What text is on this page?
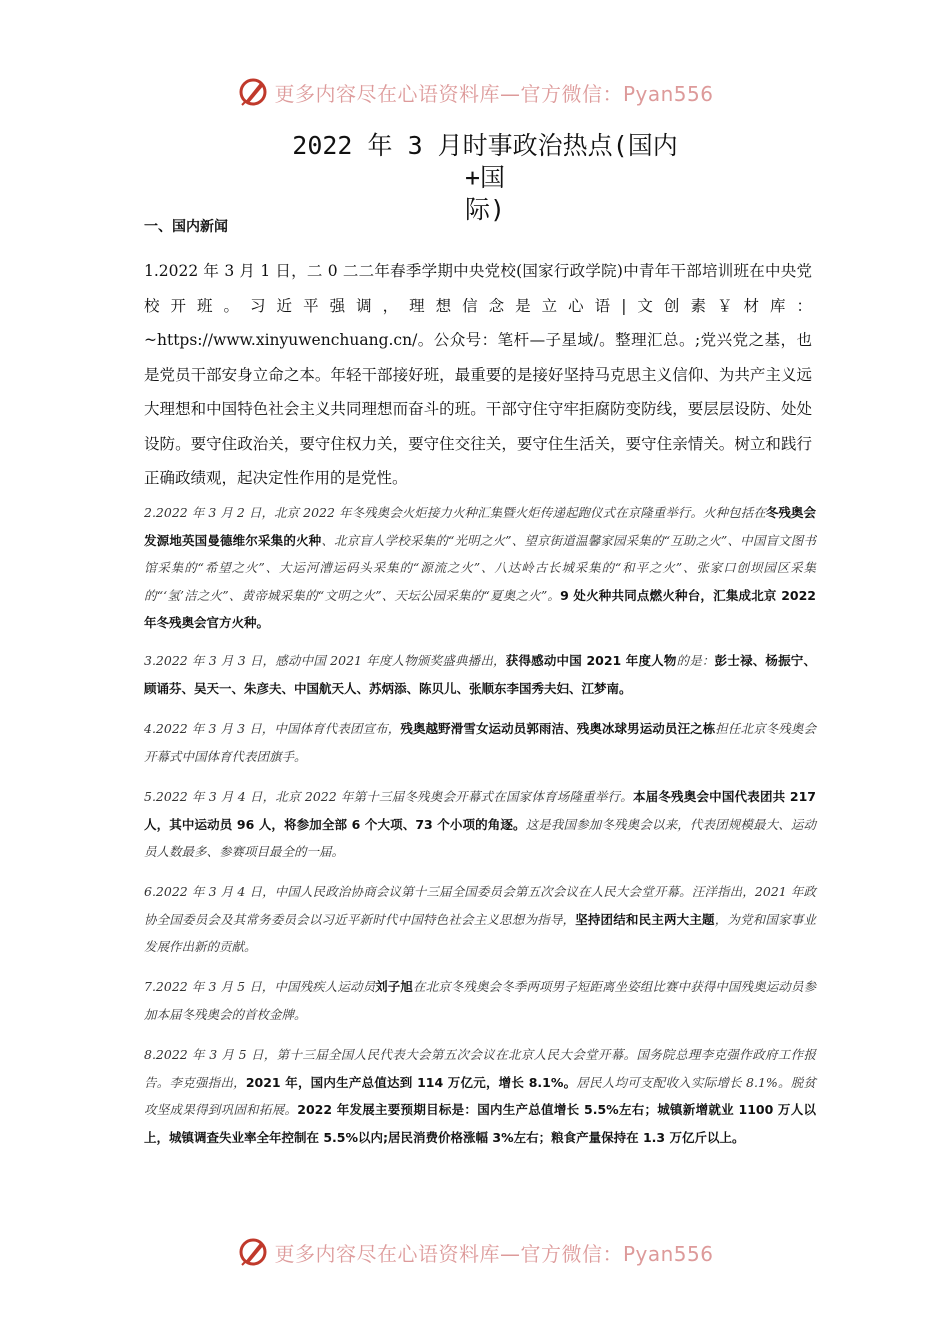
更多内容尽在心语资料库—官方微信：Pyan556
2022 年 3 月时事政治热点(国内+国
际)
一、国内新闻
1.2022 年 3 月 1 日，二 0 二二年春季学期中央党校(国家行政学院)中青年干部培训班在中央党校开班。习近平强调，理想信念是立心语|文创素￥材库：~https://www.xinyuwenchuang.cn/。公众号：笔杆—子星域/。整理汇总。;党兴党之基，也是党员干部安身立命之本。年轻干部接好班，最重要的是接好坚持马克思主义信仰、为共产主义远大理想和中国特色社会主义共同理想而奋斗的班。干部守住守牢拒腐防变防线，要层层设防、处处设防。要守住政治关，要守住权力关，要守住交往关，要守住生活关，要守住亲情关。树立和践行正确政绩观，起决定性作用的是党性。
2.2022 年 3 月 2 日，北京 2022 年冬残奥会火炬接力火种汇集暨火炬传递起跑仪式在京隆重举行。火种包括在冬残奥会发源地英国曼德维尔采集的火种、北京盲人学校采集的“光明之火”、望京街道温馨家园采集的“互助之火”、中国盲文图书馆采集的“希望之火”、大运河漕运码头采集的“源流之火”、八达岭古长城采集的“和平之火”、张家口创坝园区采集的“‘氢’洁之火”、黄帝城采集的“文明之火”、天坛公园采集的“夏奥之火”。9 处火种共同点燃火种台，汇集成北京 2022 年冬残奥会官方火种。
3.2022 年 3 月 3 日，感动中国 2021 年度人物颁奖盛典播出，获得感动中国 2021 年度人物的是：彭士禄、杨振宁、顾诵芬、吴天一、朱彦夫、中国航天人、苏炳添、陈贝儿、张顺东李国秀夫妇、江梦南。
4.2022 年 3 月 3 日，中国体育代表团宣布，残奥越野滑雪女运动员郭雨洁、残奥冰球男运动员汪之栋担任北京冬残奥会开幕式中国体育代表团旗手。
5.2022 年 3 月 4 日，北京 2022 年第十三届冬残奥会开幕式在国家体育场隆重举行。本届冬残奥会中国代表团共 217 人，其中运动员 96 人，将参加全部 6 个大项、73 个小项的角逐。这是我国参加冬残奥会以来，代表团规模最大、运动员人数最多、参赛项目最全的一届。
6.2022 年 3 月 4 日，中国人民政治协商会议第十三届全国委员会第五次会议在人民大会堂开幕。汪洋指出，2021 年政协全国委员会及其常务委员会以习近平新时代中国特色社会主义思想为指导，坚持团结和民主两大主题，为党和国家事业发展作出新的贡献。
7.2022 年 3 月 5 日，中国残疾人运动员刘子旭在北京冬残奥会冬季两项男子短距离坐姿组比赛中获得中国残奥运动员参加本届冬残奥会的首枚金牌。
8.2022 年 3 月 5 日，第十三届全国人民代表大会第五次会议在北京人民大会堂开幕。国务院总理李克强作政府工作报告。李克强指出，2021 年，国内生产总值达到 114 万亿元，增长 8.1%。居民人均可支配收入实际增长 8.1%。脱贫攻坚成果得到巩固和拓展。2022 年发展主要预期目标是：国内生产总值增长 5.5%左右；城镇新增就业 1100 万人以上，城镇调查失业率全年控制在 5.5%以内;居民消费价格涨幅 3%左右；粮食产量保持在 1.3 万亿斤以上。
更多内容尽在心语资料库—官方微信：Pyan556
